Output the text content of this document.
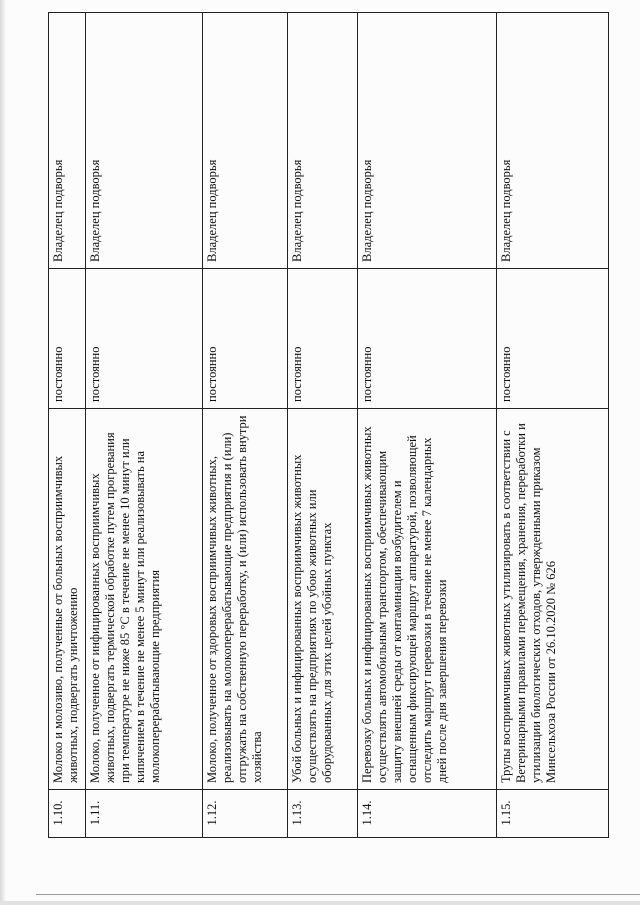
1.10.	Молоко и молозиво, полученные от больных восприимчивых животных, подвергать уничтожению	постоянно	Владелец подворья
1.11.	Молоко, полученное от инфицированных восприимчивых животных, подвергать термической обработке путем прогревания при температуре не ниже 85 °С в течение не менее 10 минут или кипячением в течение не менее 5 минут или реализовывать на молокоперерабатывающие предприятия	постоянно	Владелец подворья
1.12.	Молоко, полученное от здоровых восприимчивых животных, реализовывать на молокоперерабатывающие предприятия и (или) отгружать на собственную переработку, и (или) использовать внутри хозяйства	постоянно	Владелец подворья
1.13.	Убой больных и инфицированных восприимчивых животных осуществлять на предприятиях по убою животных или оборудованных для этих целей убойных пунктах	постоянно	Владелец подворья
1.14.	Перевозку больных и инфицированных восприимчивых животных осуществлять автомобильным транспортом, обеспечивающим защиту внешней среды от контаминации возбудителем и оснащенным фиксирующей маршрут аппаратурой, позволяющей отследить маршрут перевозки в течение не менее 7 календарных дней после дня завершения перевозки	постоянно	Владелец подворья
1.15.	Трупы восприимчивых животных утилизировать в соответствии с Ветеринарными правилами перемещения, хранения, переработки и утилизации биологических отходов, утвержденными приказом Минсельхоза России от 26.10.2020 № 626	постоянно	Владелец подворья
